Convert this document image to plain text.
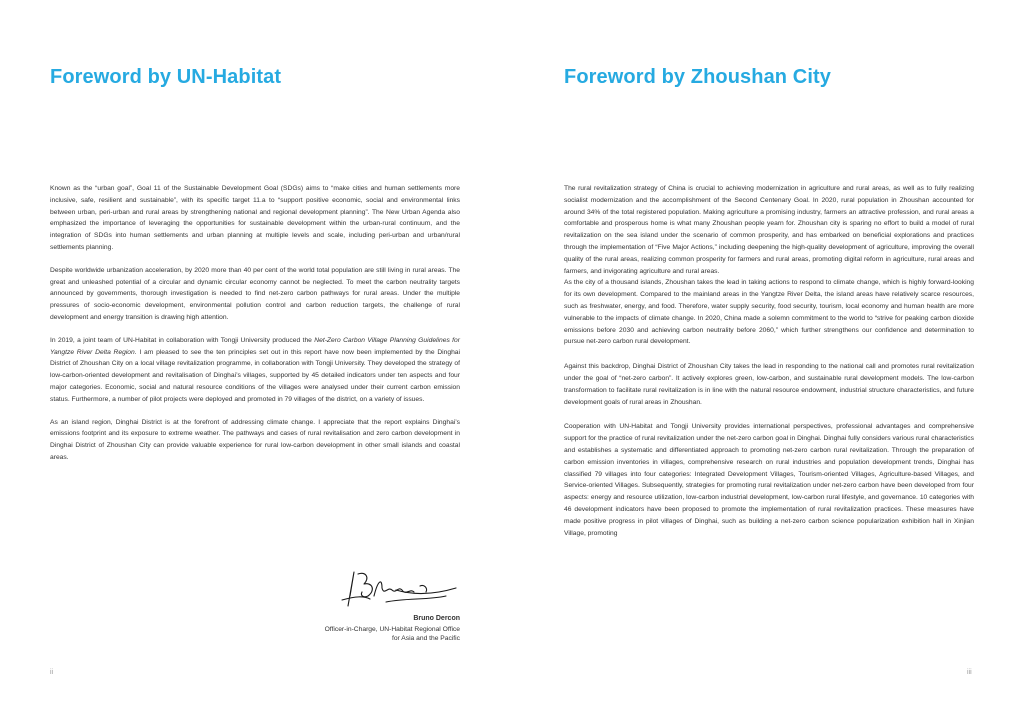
Foreword by UN-Habitat

Known as the “urban goal”, Goal 11 of the Sustainable Development Goal (SDGs) aims to “make cities and human settlements more inclusive, safe, resilient and sustainable”, with its specific target 11.a to “support positive economic, social and environmental links between urban, peri-urban and rural areas by strengthening national and regional development planning”. The New Urban Agenda also emphasized the importance of leveraging the opportunities for sustainable development within the urban-rural continuum, and the integration of SDGs into human settlements and urban planning at multiple levels and scale, including peri-urban and urban/rural settlements planning.

Despite worldwide urbanization acceleration, by 2020 more than 40 per cent of the world total population are still living in rural areas. The great and unleashed potential of a circular and dynamic circular economy cannot be neglected. To meet the carbon neutrality targets announced by governments, thorough investigation is needed to find net-zero carbon pathways for rural areas. Under the multiple pressures of socio-economic development, environmental pollution control and carbon reduction targets, the challenge of rural development and energy transition is drawing high attention.

In 2019, a joint team of UN-Habitat in collaboration with Tongji University produced the Net-Zero Carbon Village Planning Guidelines for Yangtze River Delta Region. I am pleased to see the ten principles set out in this report have now been implemented by the Dinghai District of Zhoushan City on a local village revitalization programme, in collaboration with Tongji University. They developed the strategy of low-carbon-oriented development and revitalisation of Dinghai’s villages, supported by 45 detailed indicators under ten aspects and four major categories. Economic, social and natural resource conditions of the villages were analysed under their current carbon emission status. Furthermore, a number of pilot projects were deployed and promoted in 79 villages of the district, on a variety of issues.

As an island region, Dinghai District is at the forefront of addressing climate change. I appreciate that the report explains Dinghai’s emissions footprint and its exposure to extreme weather. The pathways and cases of rural revitalisation and zero carbon development in Dinghai District of Zhoushan City can provide valuable experience for rural low-carbon development in other small islands and coastal areas.

Bruno Dercon
Officer-in-Charge, UN-Habitat Regional Office
for Asia and the Pacific
ii
Foreword by Zhoushan City

The rural revitalization strategy of China is crucial to achieving modernization in agriculture and rural areas, as well as to fully realizing socialist modernization and the accomplishment of the Second Centenary Goal. In 2020, rural population in Zhoushan accounted for around 34% of the total registered population. Making agriculture a promising industry, farmers an attractive profession, and rural areas a comfortable and prosperous home is what many Zhoushan people yearn for. Zhoushan city is sparing no effort to build a model of rural revitalization on the sea island under the scenario of common prosperity, and has embarked on beneficial explorations and practices through the implementation of “Five Major Actions,” including deepening the high-quality development of agriculture, improving the overall quality of the rural areas, realizing common prosperity for farmers and rural areas, promoting digital reform in agriculture, rural areas and farmers, and invigorating agriculture and rural areas.

As the city of a thousand islands, Zhoushan takes the lead in taking actions to respond to climate change, which is highly forward-looking for its own development. Compared to the mainland areas in the Yangtze River Delta, the island areas have relatively scarce resources, such as freshwater, energy, and food. Therefore, water supply security, food security, tourism, local economy and human health are more vulnerable to the impacts of climate change. In 2020, China made a solemn commitment to the world to “strive for peaking carbon dioxide emissions before 2030 and achieving carbon neutrality before 2060,” which further strengthens our confidence and determination to pursue net-zero carbon rural development.

Against this backdrop, Dinghai District of Zhoushan City takes the lead in responding to the national call and promotes rural revitalization under the goal of “net-zero carbon”. It actively explores green, low-carbon, and sustainable rural development models. The low-carbon transformation to facilitate rural revitalization is in line with the natural resource endowment, industrial structure characteristics, and future development goals of rural areas in Zhoushan.

Cooperation with UN-Habitat and Tongji University provides international perspectives, professional advantages and comprehensive support for the practice of rural revitalization under the net-zero carbon goal in Dinghai. Dinghai fully considers various rural characteristics and establishes a systematic and differentiated approach to promoting net-zero carbon rural revitalization. Through the preparation of carbon emission inventories in villages, comprehensive research on rural industries and population development trends, Dinghai has classified 79 villages into four categories: Integrated Development Villages, Tourism-oriented Villages, Agriculture-based Villages, and Service-oriented Villages. Subsequently, strategies for promoting rural revitalization under net-zero carbon have been developed from four aspects: energy and resource utilization, low-carbon industrial development, low-carbon rural lifestyle, and governance. 10 categories with 46 development indicators have been proposed to promote the implementation of rural revitalization practices. These measures have made positive progress in pilot villages of Dinghai, such as building a net-zero carbon science popularization exhibition hall in Xinjian Village, promoting

iii
